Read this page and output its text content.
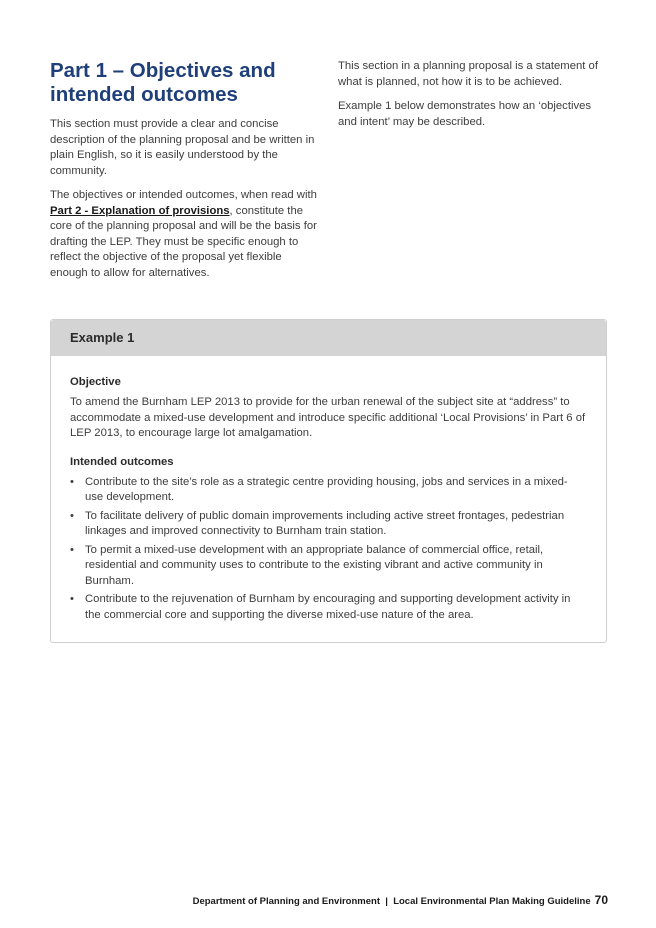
Part 1 – Objectives and intended outcomes

This section must provide a clear and concise description of the planning proposal and be written in plain English, so it is easily understood by the community.

The objectives or intended outcomes, when read with Part 2 - Explanation of provisions, constitute the core of the planning proposal and will be the basis for drafting the LEP. They must be specific enough to reflect the objective of the proposal yet flexible enough to allow for alternatives.

This section in a planning proposal is a statement of what is planned, not how it is to be achieved.

Example 1 below demonstrates how an ‘objectives and intent’ may be described.

Example 1
Objective

To amend the Burnham LEP 2013 to provide for the urban renewal of the subject site at “address” to accommodate a mixed-use development and introduce specific additional ‘Local Provisions’ in Part 6 of LEP 2013, to encourage large lot amalgamation.

Intended outcomes
• Contribute to the site’s role as a strategic centre providing housing, jobs and services in a mixed-use development.
• To facilitate delivery of public domain improvements including active street frontages, pedestrian linkages and improved connectivity to Burnham train station.
• To permit a mixed-use development with an appropriate balance of commercial office, retail, residential and community uses to contribute to the existing vibrant and active community in Burnham.
• Contribute to the rejuvenation of Burnham by encouraging and supporting development activity in the commercial core and supporting the diverse mixed-use nature of the area.
Department of Planning and Environment  |  Local Environmental Plan Making Guideline 70
